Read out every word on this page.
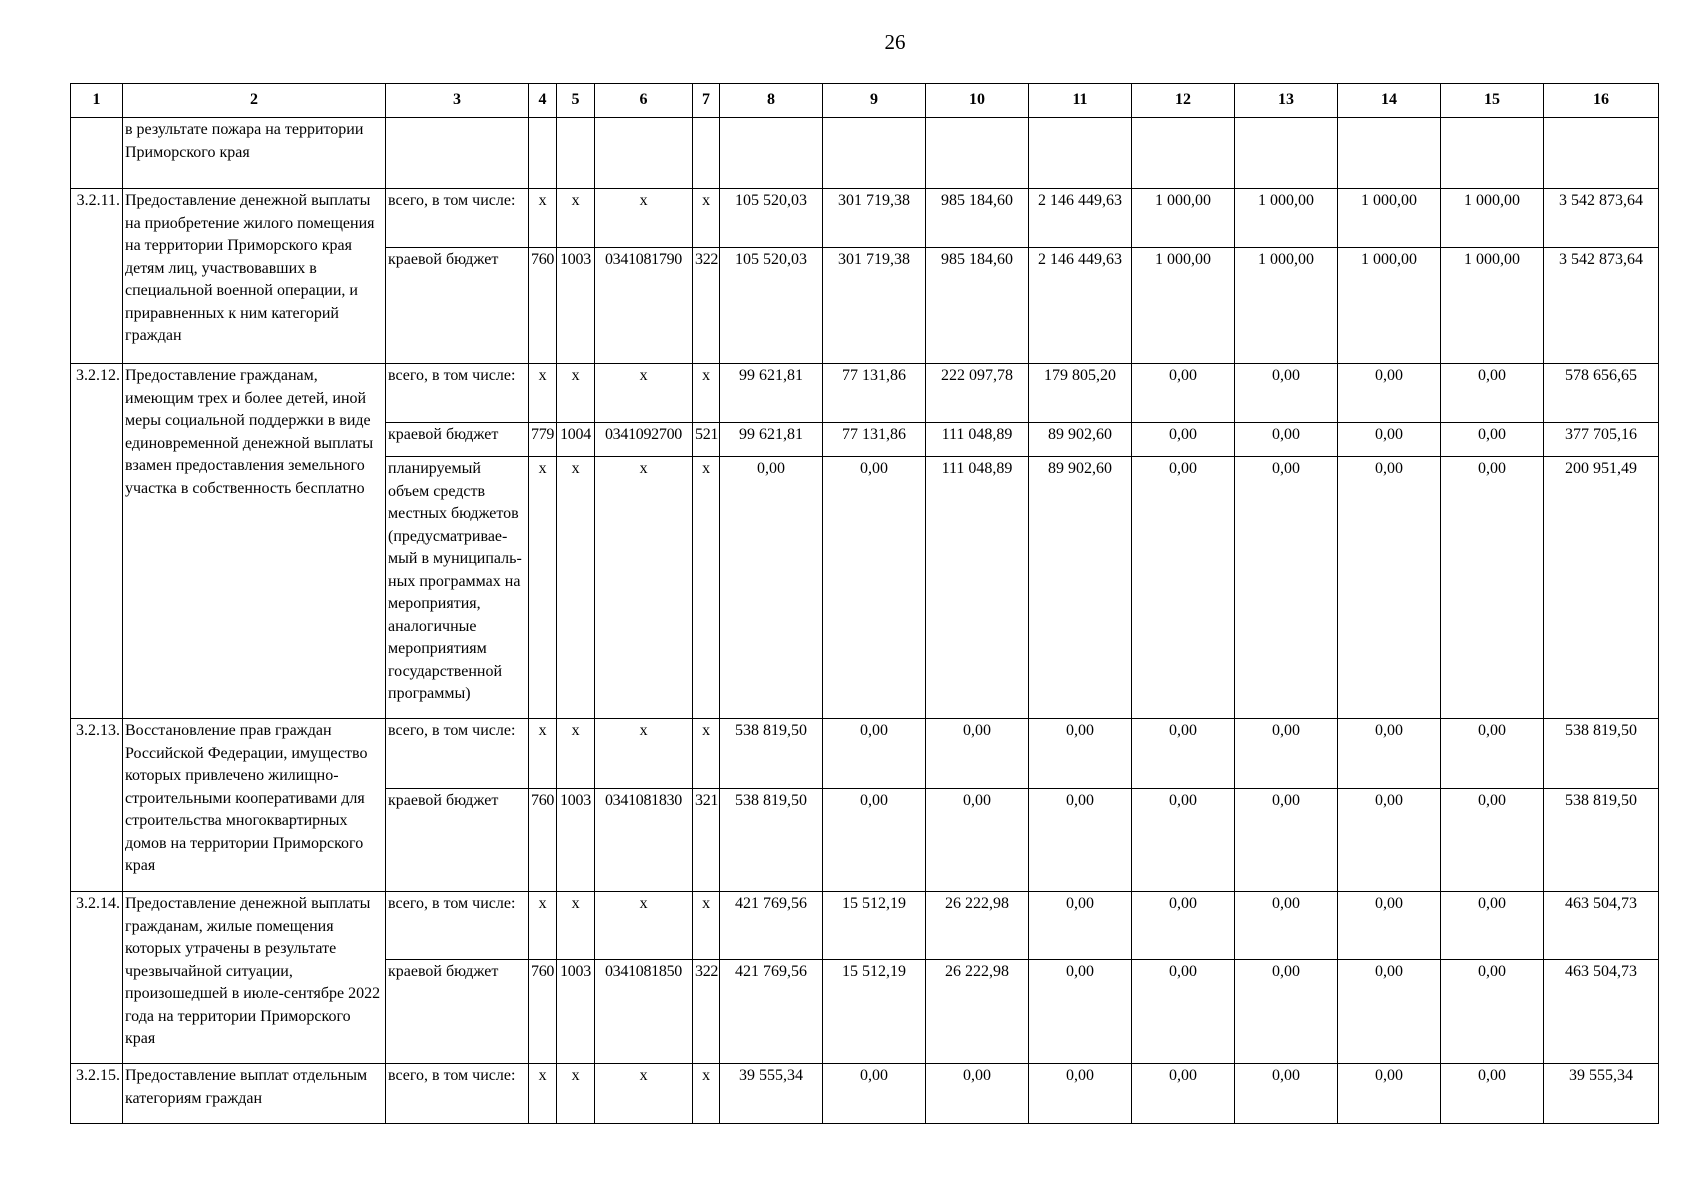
26
1	2	3	4	5	6	7	8	9	10	11	12	13	14	15	16
	в результате пожара на территории Приморского края														
3.2.11.	Предоставление денежной выплаты на приобретение жилого помещения на территории Приморского края детям лиц, участвовавших в специальной военной операции, и приравненных к ним категорий граждан	всего, в том числе:	х	х	х	х	105 520,03	301 719,38	985 184,60	2 146 449,63	1 000,00	1 000,00	1 000,00	1 000,00	3 542 873,64
		краевой бюджет	760	1003	0341081790	322	105 520,03	301 719,38	985 184,60	2 146 449,63	1 000,00	1 000,00	1 000,00	1 000,00	3 542 873,64
3.2.12.	Предоставление гражданам, имеющим трех и более детей, иной меры социальной поддержки в виде единовременной денежной выплаты взамен предоставления земельного участка в собственность бесплатно	всего, в том числе:	х	х	х	х	99 621,81	77 131,86	222 097,78	179 805,20	0,00	0,00	0,00	0,00	578 656,65
		краевой бюджет	779	1004	0341092700	521	99 621,81	77 131,86	111 048,89	89 902,60	0,00	0,00	0,00	0,00	377 705,16
		планируемый объем средств местных бюджетов (предусматривае-мый в муниципаль-ных программах на мероприятия, аналогичные мероприятиям государственной программы)	х	х	х	х	0,00	0,00	111 048,89	89 902,60	0,00	0,00	0,00	0,00	200 951,49
3.2.13.	Восстановление прав граждан Российской Федерации, имущество которых привлечено жилищно-строительными кооперативами для строительства многоквартирных домов на территории Приморского края	всего, в том числе:	х	х	х	х	538 819,50	0,00	0,00	0,00	0,00	0,00	0,00	0,00	538 819,50
		краевой бюджет	760	1003	0341081830	321	538 819,50	0,00	0,00	0,00	0,00	0,00	0,00	0,00	538 819,50
3.2.14.	Предоставление денежной выплаты гражданам, жилые помещения которых утрачены в результате чрезвычайной ситуации, произошедшей в июле-сентябре 2022 года на территории Приморского края	всего, в том числе:	х	х	х	х	421 769,56	15 512,19	26 222,98	0,00	0,00	0,00	0,00	0,00	463 504,73
		краевой бюджет	760	1003	0341081850	322	421 769,56	15 512,19	26 222,98	0,00	0,00	0,00	0,00	0,00	463 504,73
3.2.15.	Предоставление выплат отдельным категориям граждан	всего, в том числе:	х	х	х	х	39 555,34	0,00	0,00	0,00	0,00	0,00	0,00	0,00	39 555,34
